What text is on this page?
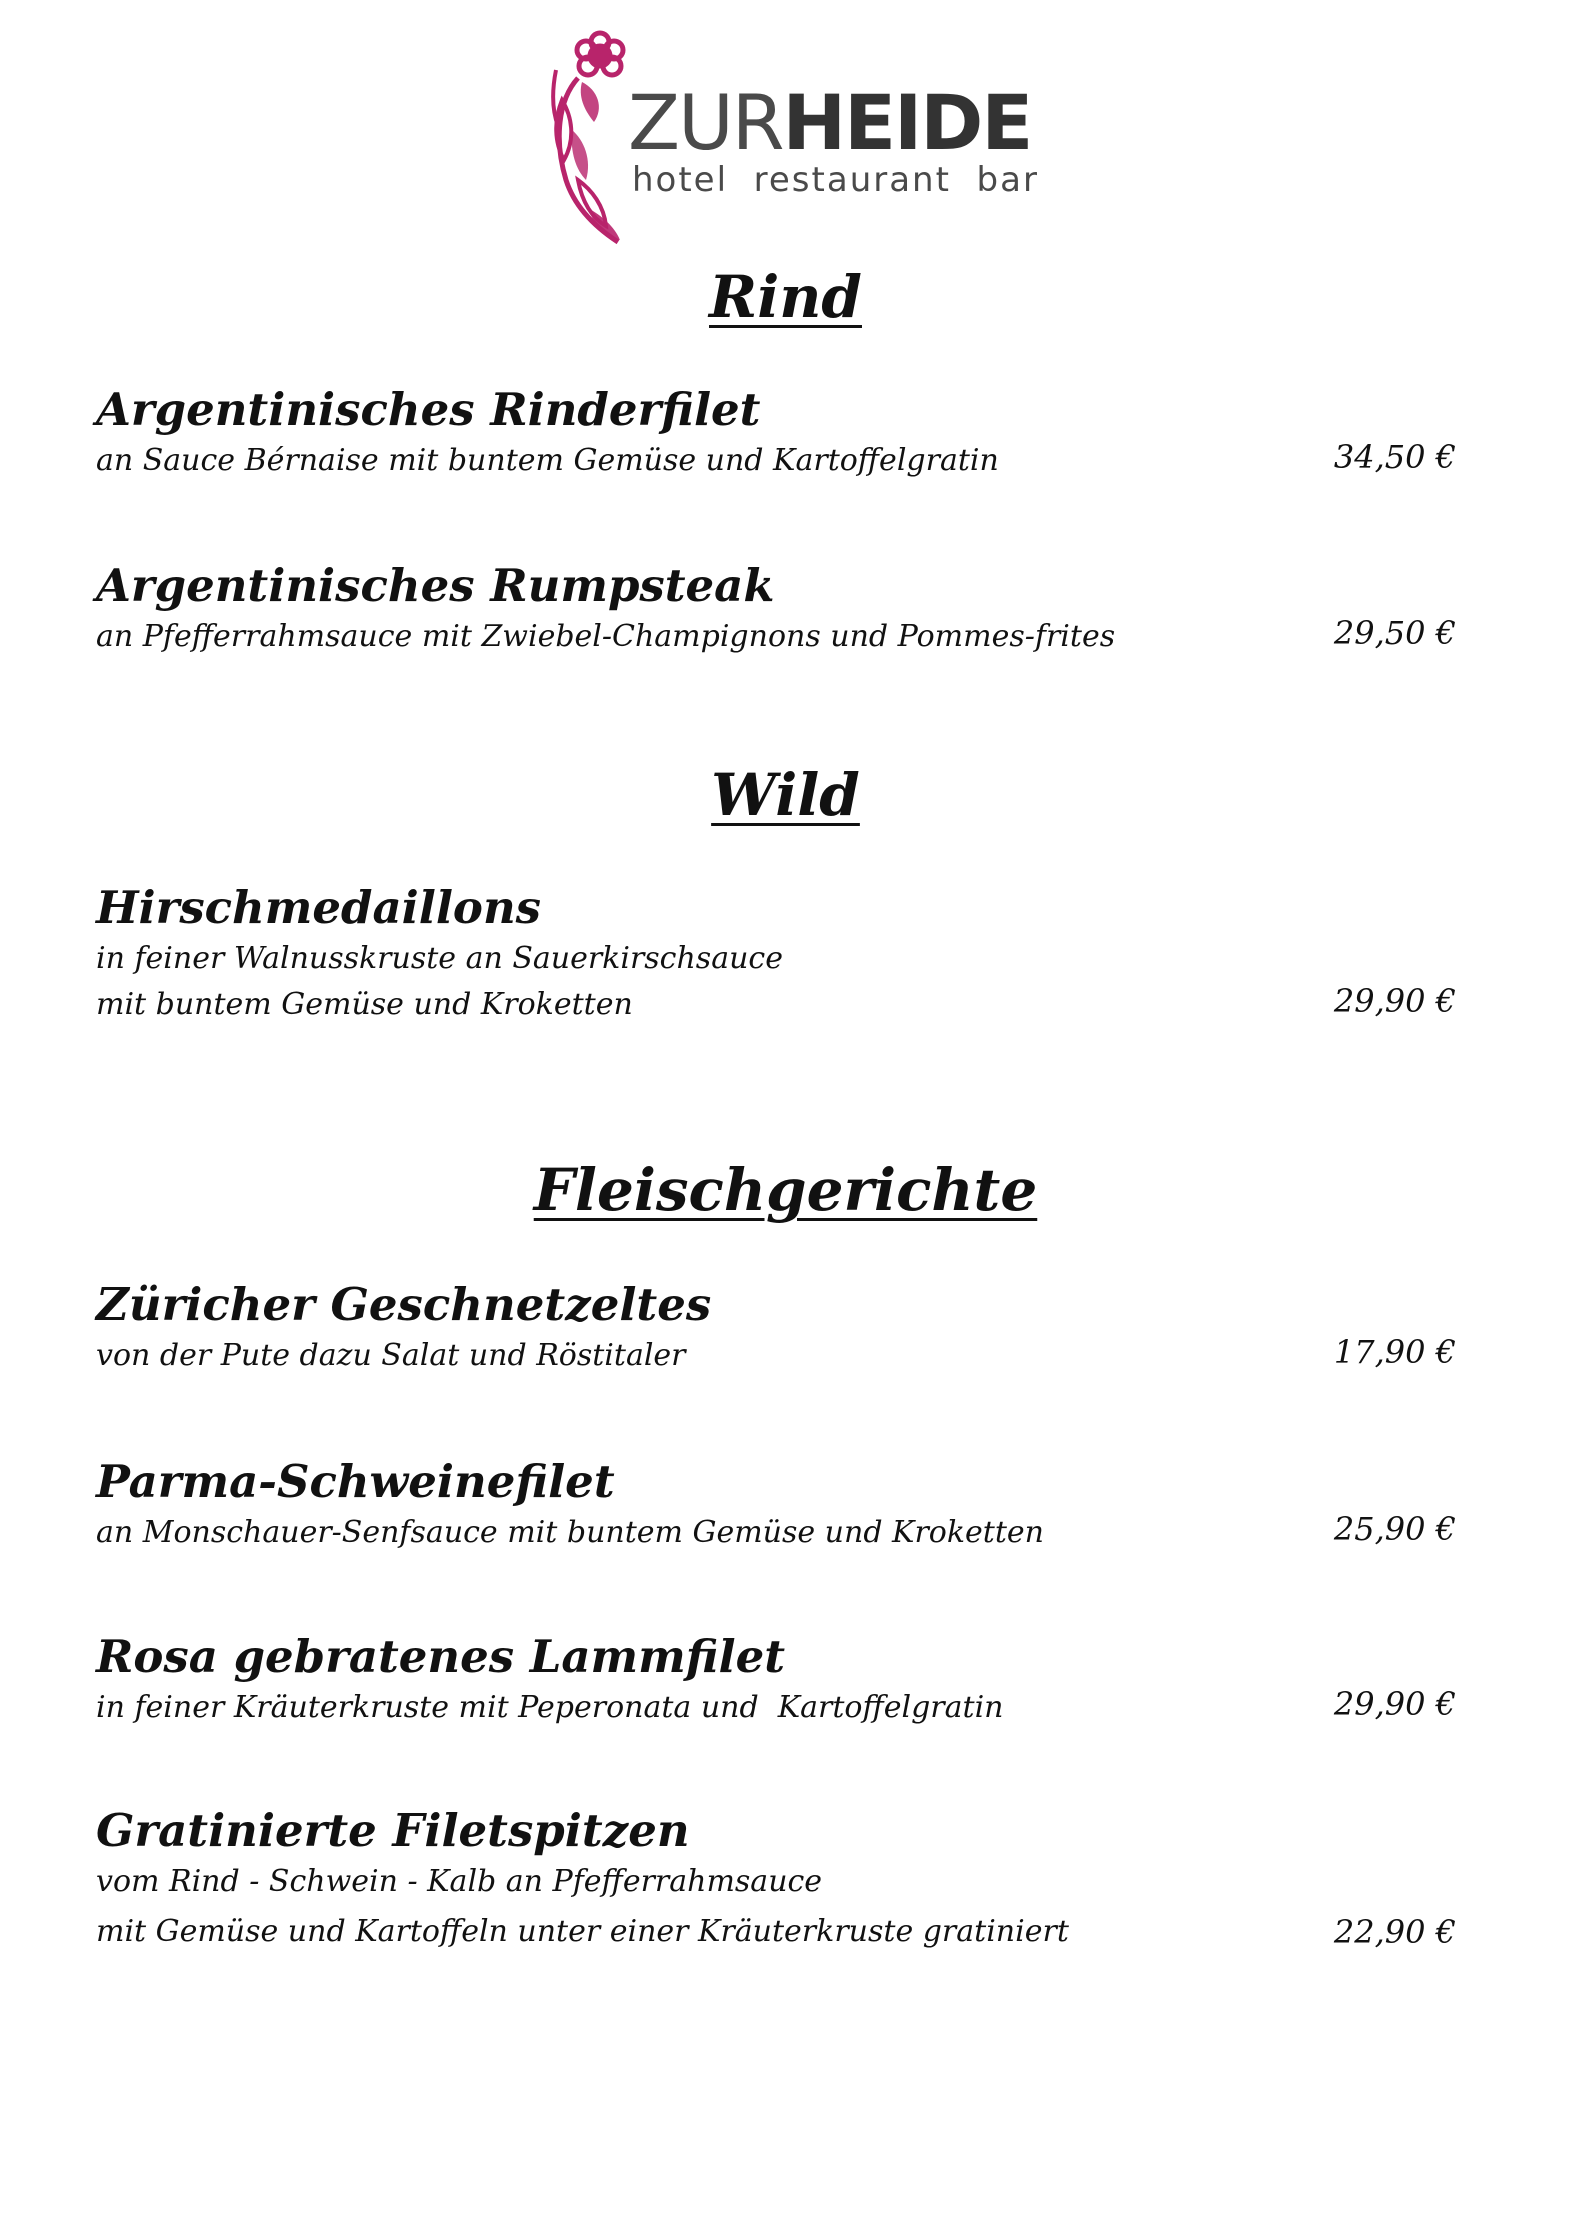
ZURHEIDE
hotel  restaurant  bar
Rind
Argentinisches Rinderfilet
an Sauce Bérnaise mit buntem Gemüse und Kartoffelgratin	34,50 €
Argentinisches Rumpsteak
an Pfefferrahmsauce mit Zwiebel-Champignons und Pommes-frites	29,50 €
Wild
Hirschmedaillons
in feiner Walnusskruste an Sauerkirschsauce
mit buntem Gemüse und Kroketten	29,90 €
Fleischgerichte
Züricher Geschnetzeltes
von der Pute dazu Salat und Röstitaler	17,90 €
Parma-Schweinefilet
an Monschauer-Senfsauce mit buntem Gemüse und Kroketten	25,90 €
Rosa gebratenes Lammfilet
in feiner Kräuterkruste mit Peperonata und  Kartoffelgratin	29,90 €
Gratinierte Filetspitzen
vom Rind - Schwein - Kalb an Pfefferrahmsauce
mit Gemüse und Kartoffeln unter einer Kräuterkruste gratiniert	22,90 €
